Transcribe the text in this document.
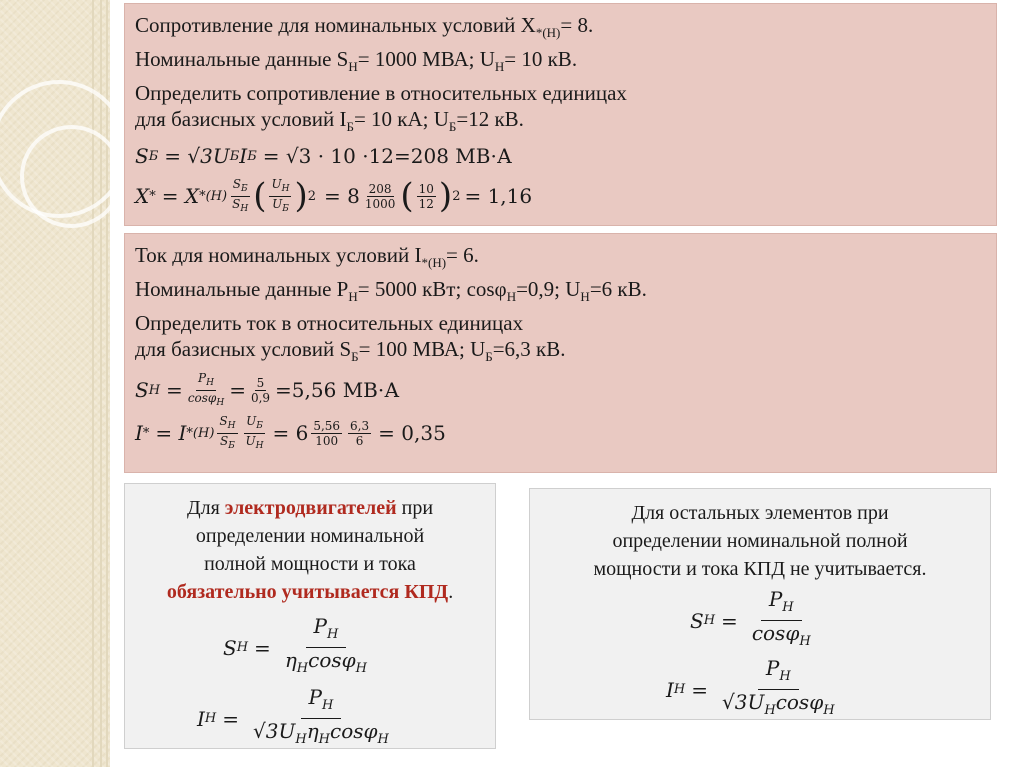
Сопротивление для номинальных условий $X_{*(Н)}= 8$.
Номинальные данные $S_Н= 1000$ МВА; $U_Н= 10$ кВ.
Определить сопротивление в относительных единицах
для базисных условий $I_Б= 10$ кА; $U_Б=12$ кВ.
S Б = √3U Б I Б = √3 · 10 ·12=208 МВ·А
X * = X $*(H) \frac{S_Б}{S_H}$ ( $\frac{U_H}{U_Б}$ ) $2 = 8 \frac{208}{1000}$ ( $\frac{10}{12}$ ) 2 = 1,16
Ток для номинальных условий $I_{*(Н)}= 6$.
Номинальные данные $P_Н= 5000$ кВт; cosφ$_Н$=0,9; $U_Н=6$ кВ.
Определить ток в относительных единицах
для базисных условий $S_Б= 100$ МВА; $U_Б=6,3$ кВ.
S $H = \frac{P_H}{\cos\varphi_H} = \frac{5}{0,9} =5,56$ МВ·А
I * = I $*(H) \frac{S_H}{S_Б} \frac{U_Б}{U_H} = 6 \frac{5,56}{100} \frac{6,3}{6} = 0,35$
Для электродвигателей при
определении номинальной
полной мощности и тока
обязательно учитывается КПД.
S $H = \frac{P_H}{\eta_H\cos\varphi_H}$
I $H = \frac{P_H}{√3U_H\eta_H\cos\varphi_H}$
Для остальных элементов при
определении номинальной полной
мощности и тока КПД не учитывается.
S $H = \frac{P_H}{\cos\varphi_H}$
I $H = \frac{P_H}{√3U_H\cos\varphi_H}$
